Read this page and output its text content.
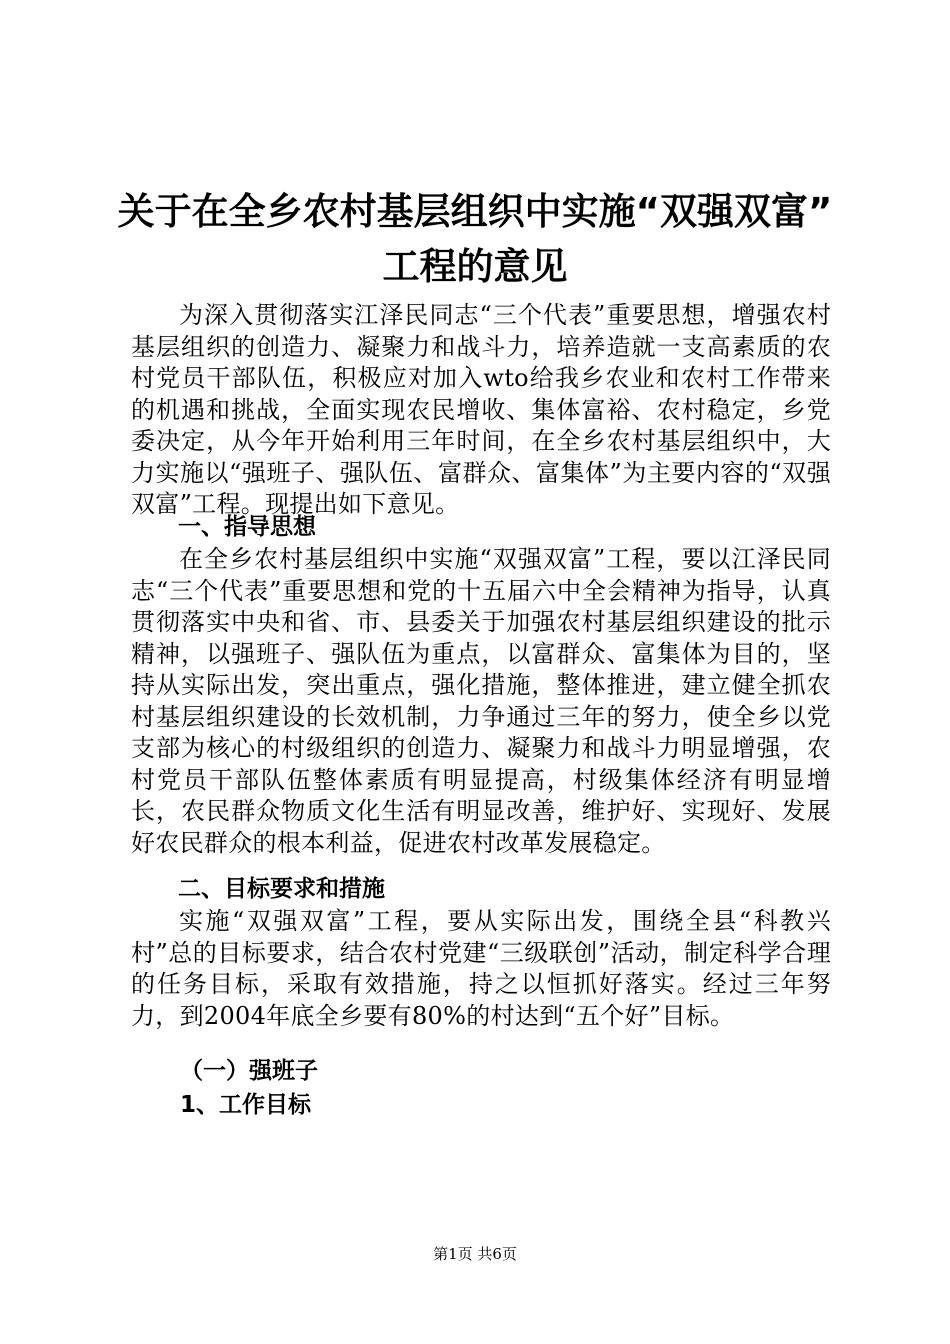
关于在全乡农村基层组织中实施“双强双富”
工程的意见

为深入贯彻落实江泽民同志“三个代表”重要思想，增强农村基层组织的创造力、凝聚力和战斗力，培养造就一支高素质的农村党员干部队伍，积极应对加入wto给我乡农业和农村工作带来的机遇和挑战，全面实现农民增收、集体富裕、农村稳定，乡党委决定，从今年开始利用三年时间，在全乡农村基层组织中，大力实施以“强班子、强队伍、富群众、富集体”为主要内容的“双强双富”工程。现提出如下意见。

一、指导思想

在全乡农村基层组织中实施“双强双富”工程，要以江泽民同志“三个代表”重要思想和党的十五届六中全会精神为指导，认真贯彻落实中央和省、市、县委关于加强农村基层组织建设的批示精神，以强班子、强队伍为重点，以富群众、富集体为目的，坚持从实际出发，突出重点，强化措施，整体推进，建立健全抓农村基层组织建设的长效机制，力争通过三年的努力，使全乡以党支部为核心的村级组织的创造力、凝聚力和战斗力明显增强，农村党员干部队伍整体素质有明显提高，村级集体经济有明显增长，农民群众物质文化生活有明显改善，维护好、实现好、发展好农民群众的根本利益，促进农村改革发展稳定。

二、目标要求和措施

实施“双强双富”工程，要从实际出发，围绕全县“科教兴村”总的目标要求，结合农村党建“三级联创”活动，制定科学合理的任务目标，采取有效措施，持之以恒抓好落实。经过三年努力，到2004年底全乡要有80%的村达到“五个好”目标。

（一）强班子
1、工作目标
第1页 共6页
